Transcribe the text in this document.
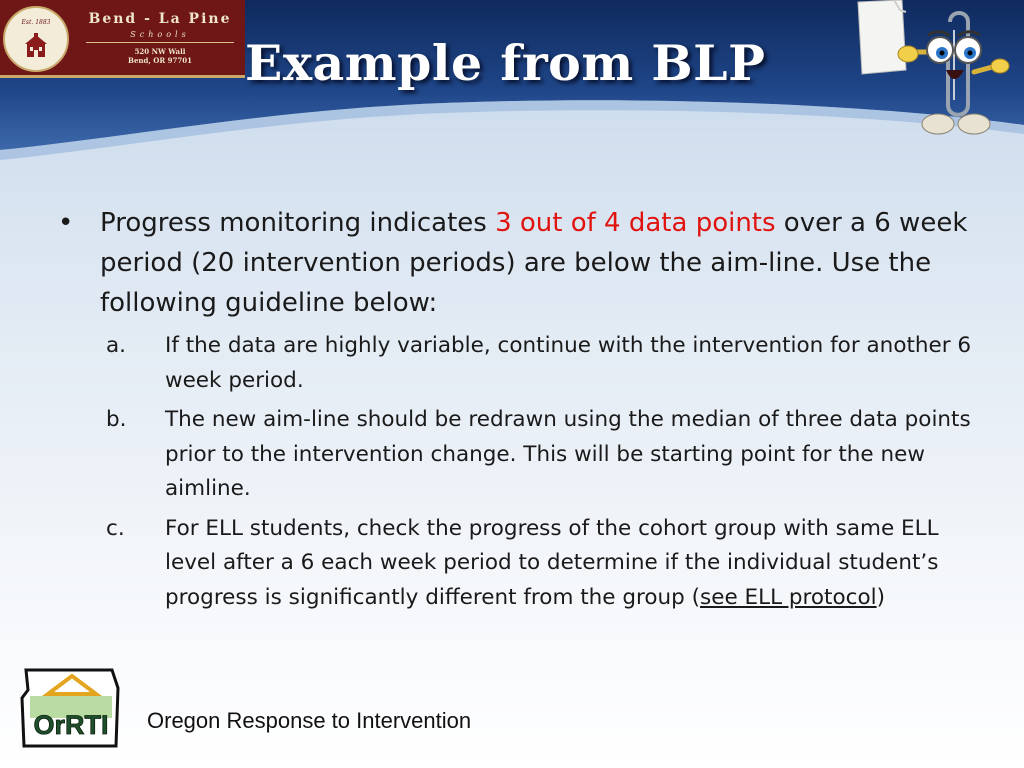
Est. 1883	Bend - La Pine
Schools
520 NW Wall
Bend, OR 97701	Example from BLP
• Progress monitoring indicates 3 out of 4 data points over a 6 week period (20 intervention periods) are below the aim-line. Use the following guideline below:
a. If the data are highly variable, continue with the intervention for another 6 week period.
b. The new aim-line should be redrawn using the median of three data points prior to the intervention change. This will be starting point for the new aimline.
c. For ELL students, check the progress of the cohort group with same ELL level after a 6 each week period to determine if the individual student’s progress is significantly different from the group (see ELL protocol)
OrRTI Oregon Response to Intervention
